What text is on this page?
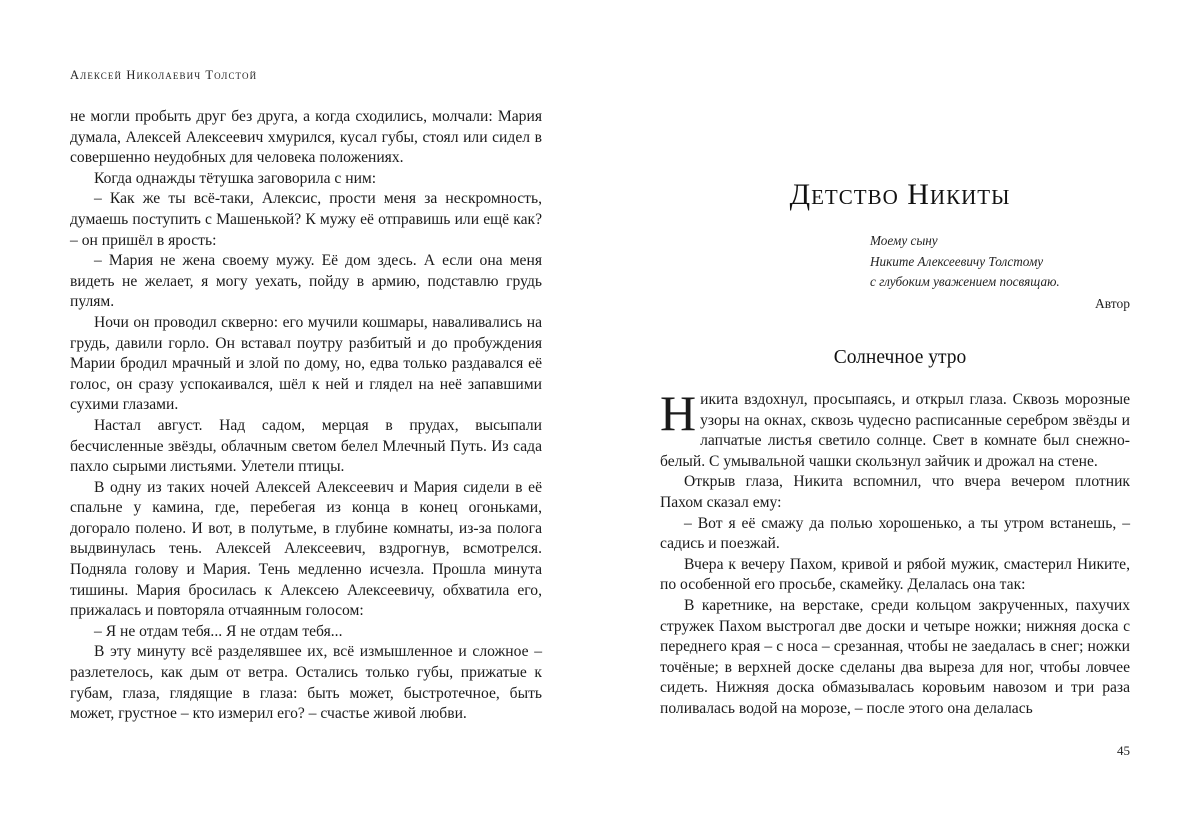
Алексей Николаевич Толстой

не могли пробыть друг без друга, а когда сходились, молчали: Мария думала, Алексей Алексеевич хмурился, кусал губы, стоял или сидел в совершенно неудобных для человека положениях.

Когда однажды тётушка заговорила с ним:

– Как же ты всё-таки, Алексис, прости меня за нескромность, думаешь поступить с Машенькой? К мужу её отправишь или ещё как? – он пришёл в ярость:

– Мария не жена своему мужу. Её дом здесь. А если она меня видеть не желает, я могу уехать, пойду в армию, подставлю грудь пулям.

Ночи он проводил скверно: его мучили кошмары, наваливались на грудь, давили горло. Он вставал поутру разбитый и до пробуждения Марии бродил мрачный и злой по дому, но, едва только раздавался её голос, он сразу успокаивался, шёл к ней и глядел на неё запавшими сухими глазами.

Настал август. Над садом, мерцая в прудах, высыпали бесчисленные звёзды, облачным светом белел Млечный Путь. Из сада пахло сырыми листьями. Улетели птицы.

В одну из таких ночей Алексей Алексеевич и Мария сидели в её спальне у камина, где, перебегая из конца в конец огоньками, догорало полено. И вот, в полутьме, в глубине комнаты, из-за полога выдвинулась тень. Алексей Алексеевич, вздрогнув, всмотрелся. Подняла голову и Мария. Тень медленно исчезла. Прошла минута тишины. Мария бросилась к Алексею Алексеевичу, обхватила его, прижалась и повторяла отчаянным голосом:

– Я не отдам тебя... Я не отдам тебя...

В эту минуту всё разделявшее их, всё измышленное и сложное – разлетелось, как дым от ветра. Остались только губы, прижатые к губам, глаза, глядящие в глаза: быть может, быстротечное, быть может, грустное – кто измерил его? – счастье живой любви.

Детство Никиты
Моему сыну
Никите Алексеевичу Толстому
с глубоким уважением посвящаю.
Автор
Солнечное утро

Никита вздохнул, просыпаясь, и открыл глаза. Сквозь морозные узоры на окнах, сквозь чудесно расписанные серебром звёзды и лапчатые листья светило солнце. Свет в комнате был снежно-белый. С умывальной чашки скользнул зайчик и дрожал на стене.

Открыв глаза, Никита вспомнил, что вчера вечером плотник Пахом сказал ему:

– Вот я её смажу да полью хорошенько, а ты утром встанешь, – садись и поезжай.

Вчера к вечеру Пахом, кривой и рябой мужик, смастерил Никите, по особенной его просьбе, скамейку. Делалась она так:

В каретнике, на верстаке, среди кольцом закрученных, пахучих стружек Пахом выстрогал две доски и четыре ножки; нижняя доска с переднего края – с носа – срезанная, чтобы не заедалась в снег; ножки точёные; в верхней доске сделаны два выреза для ног, чтобы ловчее сидеть. Нижняя доска обмазывалась коровьим навозом и три раза поливалась водой на морозе, – после этого она делалась

45
